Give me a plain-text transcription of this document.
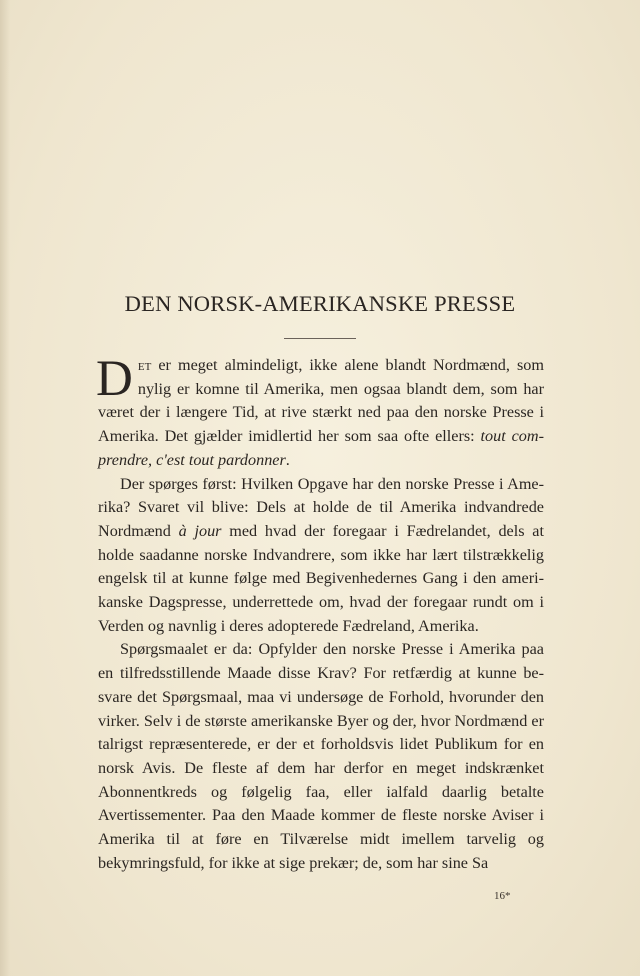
DEN NORSK-AMERIKANSKE PRESSE

Det er meget almindeligt, ikke alene blandt Nordmænd, som nylig er komne til Amerika, men ogsaa blandt dem, som har været der i længere Tid, at rive stærkt ned paa den norske Presse i Amerika. Det gjælder imidlertid her som saa ofte ellers: tout comprendre, c'est tout pardonner.

Der spørges først: Hvilken Opgave har den norske Presse i Amerika? Svaret vil blive: Dels at holde de til Amerika indvandrede Nordmænd à jour med hvad der foregaar i Fædrelandet, dels at holde saadanne norske Indvandrere, som ikke har lært tilstrækkelig engelsk til at kunne følge med Begivenhedernes Gang i den amerikanske Dagspresse, underrettede om, hvad der foregaar rundt om i Verden og navnlig i deres adopterede Fædreland, Amerika.

Spørgsmaalet er da: Opfylder den norske Presse i Amerika paa en tilfredsstillende Maade disse Krav? For retfærdig at kunne besvare det Spørgsmaal, maa vi undersøge de Forhold, hvorunder den virker. Selv i de største amerikanske Byer og der, hvor Nordmænd er talrigst repræsenterede, er der et forholdsvis lidet Publikum for en norsk Avis. De fleste af dem har derfor en meget indskrænket Abonnentkreds og følgelig faa, eller ialfald daarlig betalte Avertissementer. Paa den Maade kommer de fleste norske Aviser i Amerika til at føre en Tilværelse midt imellem tarvelig og bekymringsfuld, for ikke at sige prekær; de, som har sine Sa

16*
